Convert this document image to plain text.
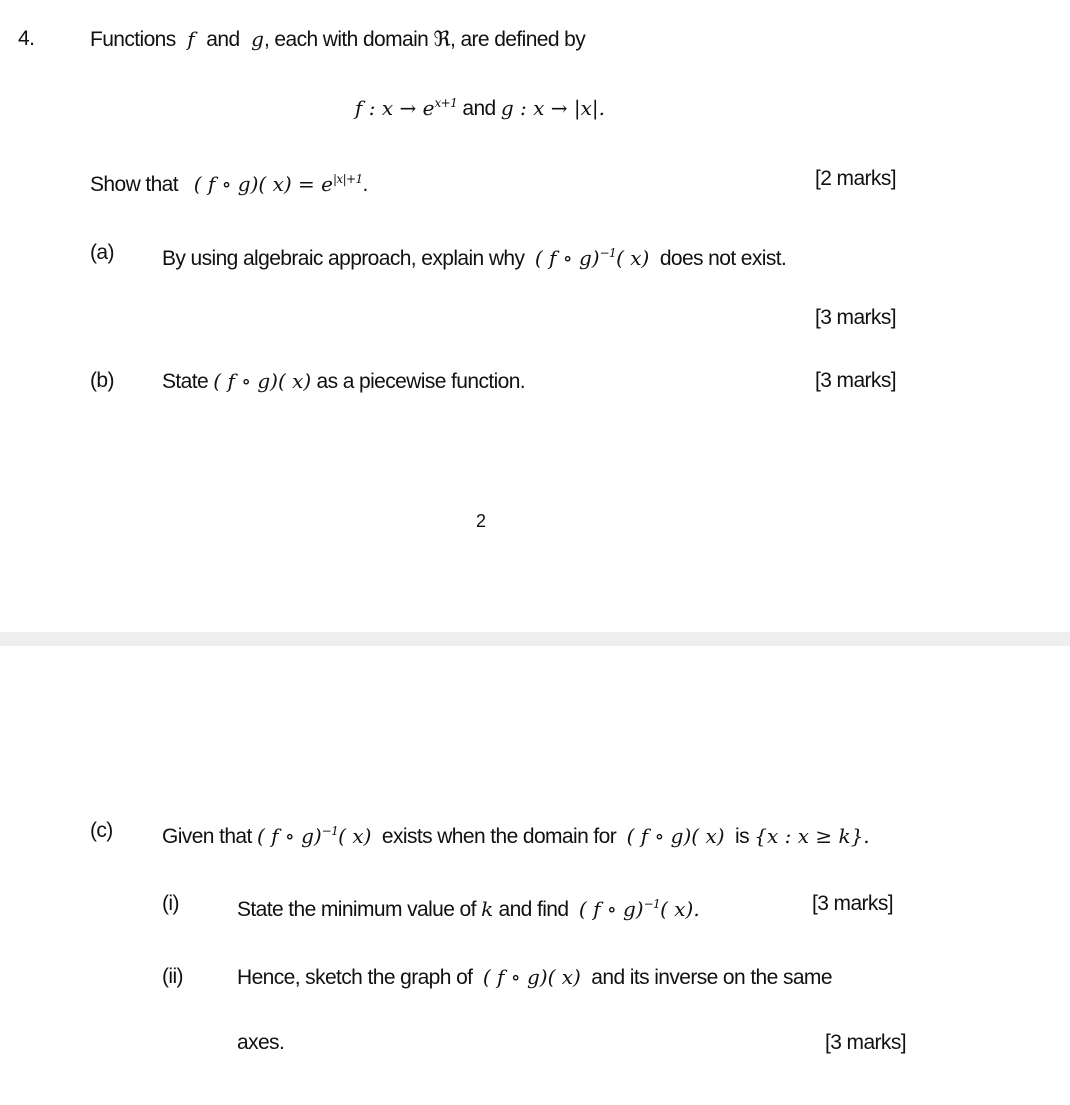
4.	Functions  f  and  g, each with domain ℜ, are defined by
f : $x \to e^{x+1}$ and g : x → |x|.
Show that ( f ∘ g)( $x) = e^{|x|+1}$.	[2 marks]
(a) By using algebraic approach, explain why ( f ∘ g)$^{-1}$( x) does not exist.
[3 marks]
(b) State ( f ∘ g)( x) as a piecewise function.	[3 marks]
2
(c) Given that ( f ∘ g)$^{-1}$( x) exists when the domain for ( f ∘ g)( x) is {x : x ≥ k}.
(i)	State the minimum value of k and find ( f ∘ g)$^{-1}$( x).	[3 marks]
(ii)	Hence, sketch the graph of ( f ∘ g)( x) and its inverse on the same
axes.	[3 marks]
